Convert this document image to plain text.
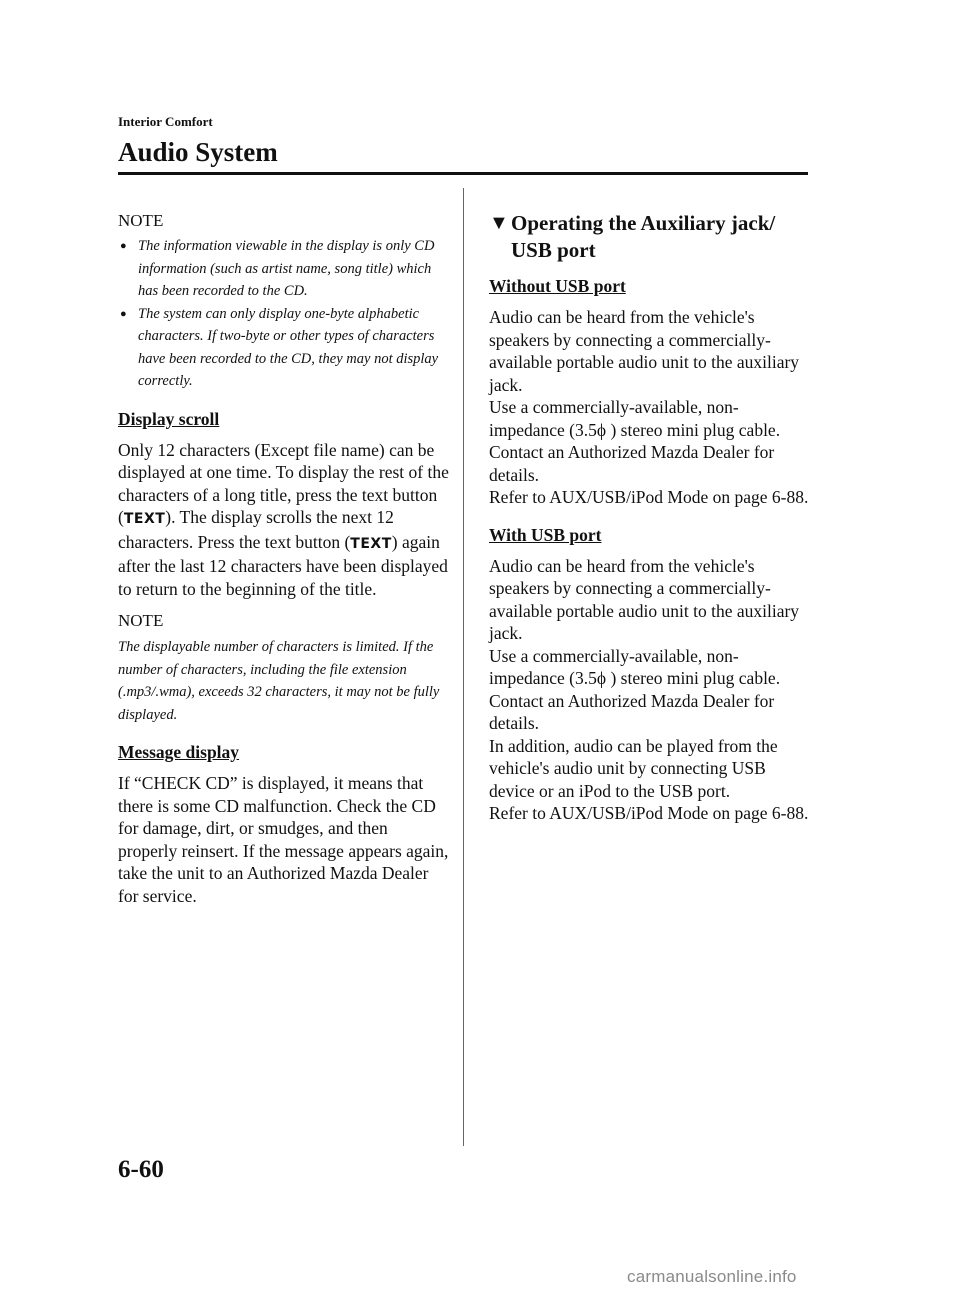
Interior Comfort
Audio System
NOTE
● The information viewable in the display is only CD information (such as artist name, song title) which has been recorded to the CD.
● The system can only display one-byte alphabetic characters. If two-byte or other types of characters have been recorded to the CD, they may not display correctly.
Display scroll

Only 12 characters (Except file name) can be displayed at one time. To display the rest of the characters of a long title, press the text button (TEXT). The display scrolls the next 12 characters. Press the text button (TEXT) again after the last 12 characters have been displayed to return to the beginning of the title.

NOTE

The displayable number of characters is limited. If the number of characters, including the file extension (.mp3/.wma), exceeds 32 characters, it may not be fully displayed.

Message display

If “CHECK CD” is displayed, it means that there is some CD malfunction. Check the CD for damage, dirt, or smudges, and then properly reinsert. If the message appears again, take the unit to an Authorized Mazda Dealer for service.

▼ Operating the Auxiliary jack/ USB port
Without USB port

Audio can be heard from the vehicle's speakers by connecting a commercially-available portable audio unit to the auxiliary jack.

Use a commercially-available, non-impedance (3.5ϕ ) stereo mini plug cable.

Contact an Authorized Mazda Dealer for details.

Refer to AUX/USB/iPod Mode on page 6-88.

With USB port

Audio can be heard from the vehicle's speakers by connecting a commercially-available portable audio unit to the auxiliary jack.

Use a commercially-available, non-impedance (3.5ϕ ) stereo mini plug cable.

Contact an Authorized Mazda Dealer for details.

In addition, audio can be played from the vehicle's audio unit by connecting USB device or an iPod to the USB port.

Refer to AUX/USB/iPod Mode on page 6-88.

6-60
carmanualsonline.info
